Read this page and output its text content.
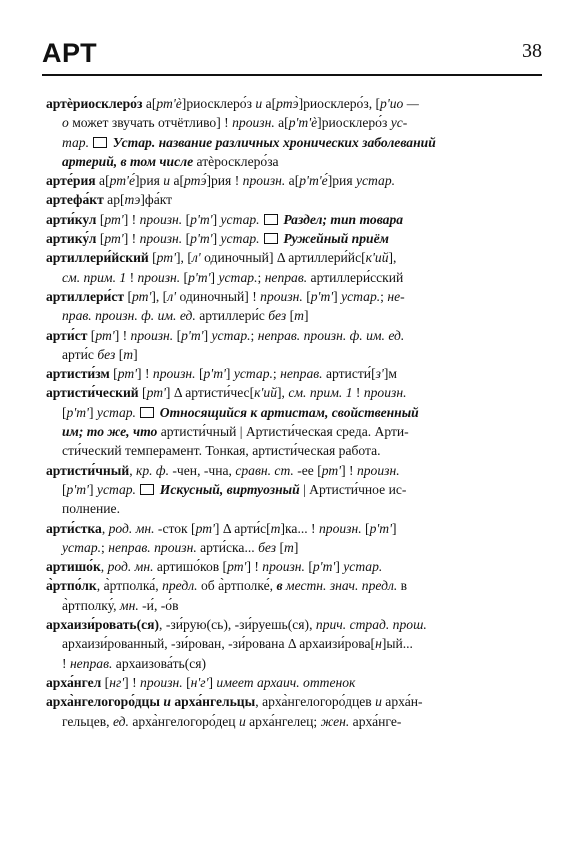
АРТ	38
артѐриосклеро́з а[рт'ѐ]риосклеро́з и а[ртэ̀]риосклеро́з, [р'ио —
о может звучать отчётливо] ! произн. а[р'т'ѐ]риосклеро́з ус-
тар. Устар. название различных хронических заболеваний
артерий, в том числе атѐросклеро́за
арте́рия а[рт'е́]рия и а[ртэ́]рия ! произн. а[р'т'е́]рия устар.
артефа́кт ар[тэ]фа́кт
арти́кул [рт'] ! произн. [р'т'] устар. Раздел; тип товара
артику́л [рт'] ! произн. [р'т'] устар. Ружейный приём
артиллери́йский [рт'], [л' одиночный] Δ артиллери́йс[к'ий],
см. прим. 1 ! произн. [р'т'] устар.; неправ. артиллери́сский
артиллери́ст [рт'], [л' одиночный] ! произн. [р'т'] устар.; не-
прав. произн. ф. им. ед. артиллери́с без [т]
арти́ст [рт'] ! произн. [р'т'] устар.; неправ. произн. ф. им. ед.
арти́с без [т]
артисти́зм [рт'] ! произн. [р'т'] устар.; неправ. артисти́[з']м
артисти́ческий [рт'] Δ артисти́чес[к'ий], см. прим. 1 ! произн.
[р'т'] устар. Относящийся к артистам, свойственный
им; то же, что артисти́чный | Артисти́ческая среда. Арти-
сти́ческий темперамент. Тонкая, артисти́ческая работа.
артисти́чный, кр. ф. -чен, -чна, сравн. ст. -ее [рт'] ! произн.
[р'т'] устар. Искусный, виртуозный | Артисти́чное ис-
полнение.
арти́стка, род. мн. -сток [рт'] Δ арти́с[т]ка... ! произн. [р'т']
устар.; неправ. произн. арти́ска... без [т]
артишо́к, род. мн. артишо́ков [рт'] ! произн. [р'т'] устар.
а̀ртпо́лк, а̀ртполка́, предл. об а̀ртполке́, в местн. знач. предл. в
а̀ртполку́, мн. -и́, -о́в
архаизи́ровать(ся), -зи́рую(сь), -зи́руешь(ся), прич. страд. прош.
архаизи́рованный, -зи́рован, -зи́рована Δ архаизи́рова[н]ый...
! неправ. архаизова́ть(ся)
арха́нгел [нг'] ! произн. [н'г'] имеет архаич. оттенок
арха̀нгелогоро́дцы и арха́нгельцы, арха̀нгелогоро́дцев и арха́н-
гельцев, ед. арха̀нгелогоро́дец и арха́нгелец; жен. арха́нге-
